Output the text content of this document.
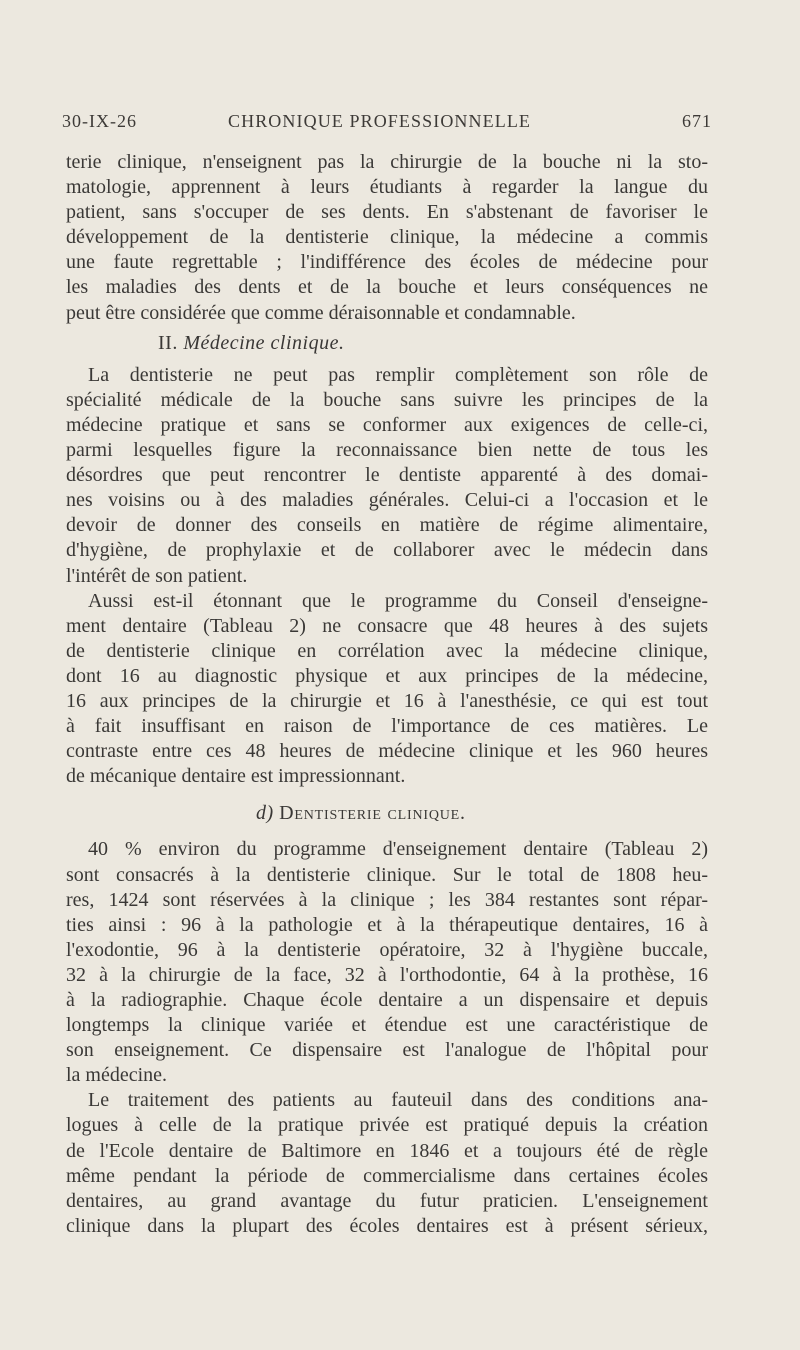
30-IX-26	CHRONIQUE PROFESSIONNELLE	671
terie clinique, n'enseignent pas la chirurgie de la bouche ni la sto-
matologie, apprennent à leurs étudiants à regarder la langue du
patient, sans s'occuper de ses dents. En s'abstenant de favoriser le
développement de la dentisterie clinique, la médecine a commis
une faute regrettable ; l'indifférence des écoles de médecine pour
les maladies des dents et de la bouche et leurs conséquences ne
peut être considérée que comme déraisonnable et condamnable.
II. Médecine clinique.
La dentisterie ne peut pas remplir complètement son rôle de
spécialité médicale de la bouche sans suivre les principes de la
médecine pratique et sans se conformer aux exigences de celle-ci,
parmi lesquelles figure la reconnaissance bien nette de tous les
désordres que peut rencontrer le dentiste apparenté à des domai-
nes voisins ou à des maladies générales. Celui-ci a l'occasion et le
devoir de donner des conseils en matière de régime alimentaire,
d'hygiène, de prophylaxie et de collaborer avec le médecin dans
l'intérêt de son patient.
Aussi est-il étonnant que le programme du Conseil d'enseigne-
ment dentaire (Tableau 2) ne consacre que 48 heures à des sujets
de dentisterie clinique en corrélation avec la médecine clinique,
dont 16 au diagnostic physique et aux principes de la médecine,
16 aux principes de la chirurgie et 16 à l'anesthésie, ce qui est tout
à fait insuffisant en raison de l'importance de ces matières. Le
contraste entre ces 48 heures de médecine clinique et les 960 heures
de mécanique dentaire est impressionnant.
d) Dentisterie clinique.
40 % environ du programme d'enseignement dentaire (Tableau 2)
sont consacrés à la dentisterie clinique. Sur le total de 1808 heu-
res, 1424 sont réservées à la clinique ; les 384 restantes sont répar-
ties ainsi : 96 à la pathologie et à la thérapeutique dentaires, 16 à
l'exodontie, 96 à la dentisterie opératoire, 32 à l'hygiène buccale,
32 à la chirurgie de la face, 32 à l'orthodontie, 64 à la prothèse, 16
à la radiographie. Chaque école dentaire a un dispensaire et depuis
longtemps la clinique variée et étendue est une caractéristique de
son enseignement. Ce dispensaire est l'analogue de l'hôpital pour
la médecine.
Le traitement des patients au fauteuil dans des conditions ana-
logues à celle de la pratique privée est pratiqué depuis la création
de l'Ecole dentaire de Baltimore en 1846 et a toujours été de règle
même pendant la période de commercialisme dans certaines écoles
dentaires, au grand avantage du futur praticien. L'enseignement
clinique dans la plupart des écoles dentaires est à présent sérieux,
